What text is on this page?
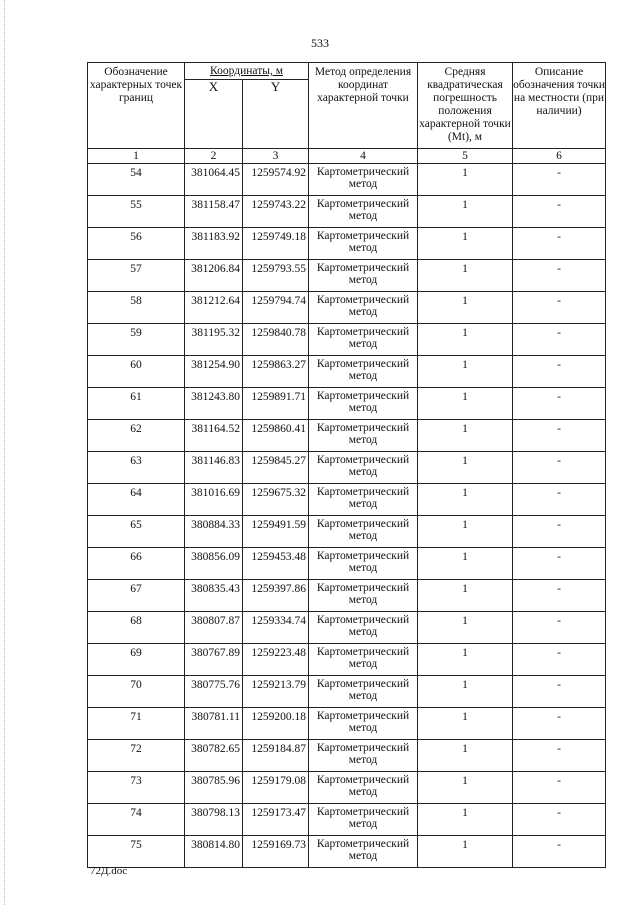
533
Обозначение характерных точек границ	Координаты, м		Метод определения координат характерной точки	Средняя квадратическая погрешность положения характерной точки (Mt), м	Описание обозначения точки на местности (при наличии)
	X	Y			
1	2	3	4	5	6
54	381064.45	1259574.92	Картометрический метод	1	-
55	381158.47	1259743.22	Картометрический метод	1	-
56	381183.92	1259749.18	Картометрический метод	1	-
57	381206.84	1259793.55	Картометрический метод	1	-
58	381212.64	1259794.74	Картометрический метод	1	-
59	381195.32	1259840.78	Картометрический метод	1	-
60	381254.90	1259863.27	Картометрический метод	1	-
61	381243.80	1259891.71	Картометрический метод	1	-
62	381164.52	1259860.41	Картометрический метод	1	-
63	381146.83	1259845.27	Картометрический метод	1	-
64	381016.69	1259675.32	Картометрический метод	1	-
65	380884.33	1259491.59	Картометрический метод	1	-
66	380856.09	1259453.48	Картометрический метод	1	-
67	380835.43	1259397.86	Картометрический метод	1	-
68	380807.87	1259334.74	Картометрический метод	1	-
69	380767.89	1259223.48	Картометрический метод	1	-
70	380775.76	1259213.79	Картометрический метод	1	-
71	380781.11	1259200.18	Картометрический метод	1	-
72	380782.65	1259184.87	Картометрический метод	1	-
73	380785.96	1259179.08	Картометрический метод	1	-
74	380798.13	1259173.47	Картометрический метод	1	-
75	380814.80	1259169.73	Картометрический метод	1	-
72Д.doc
